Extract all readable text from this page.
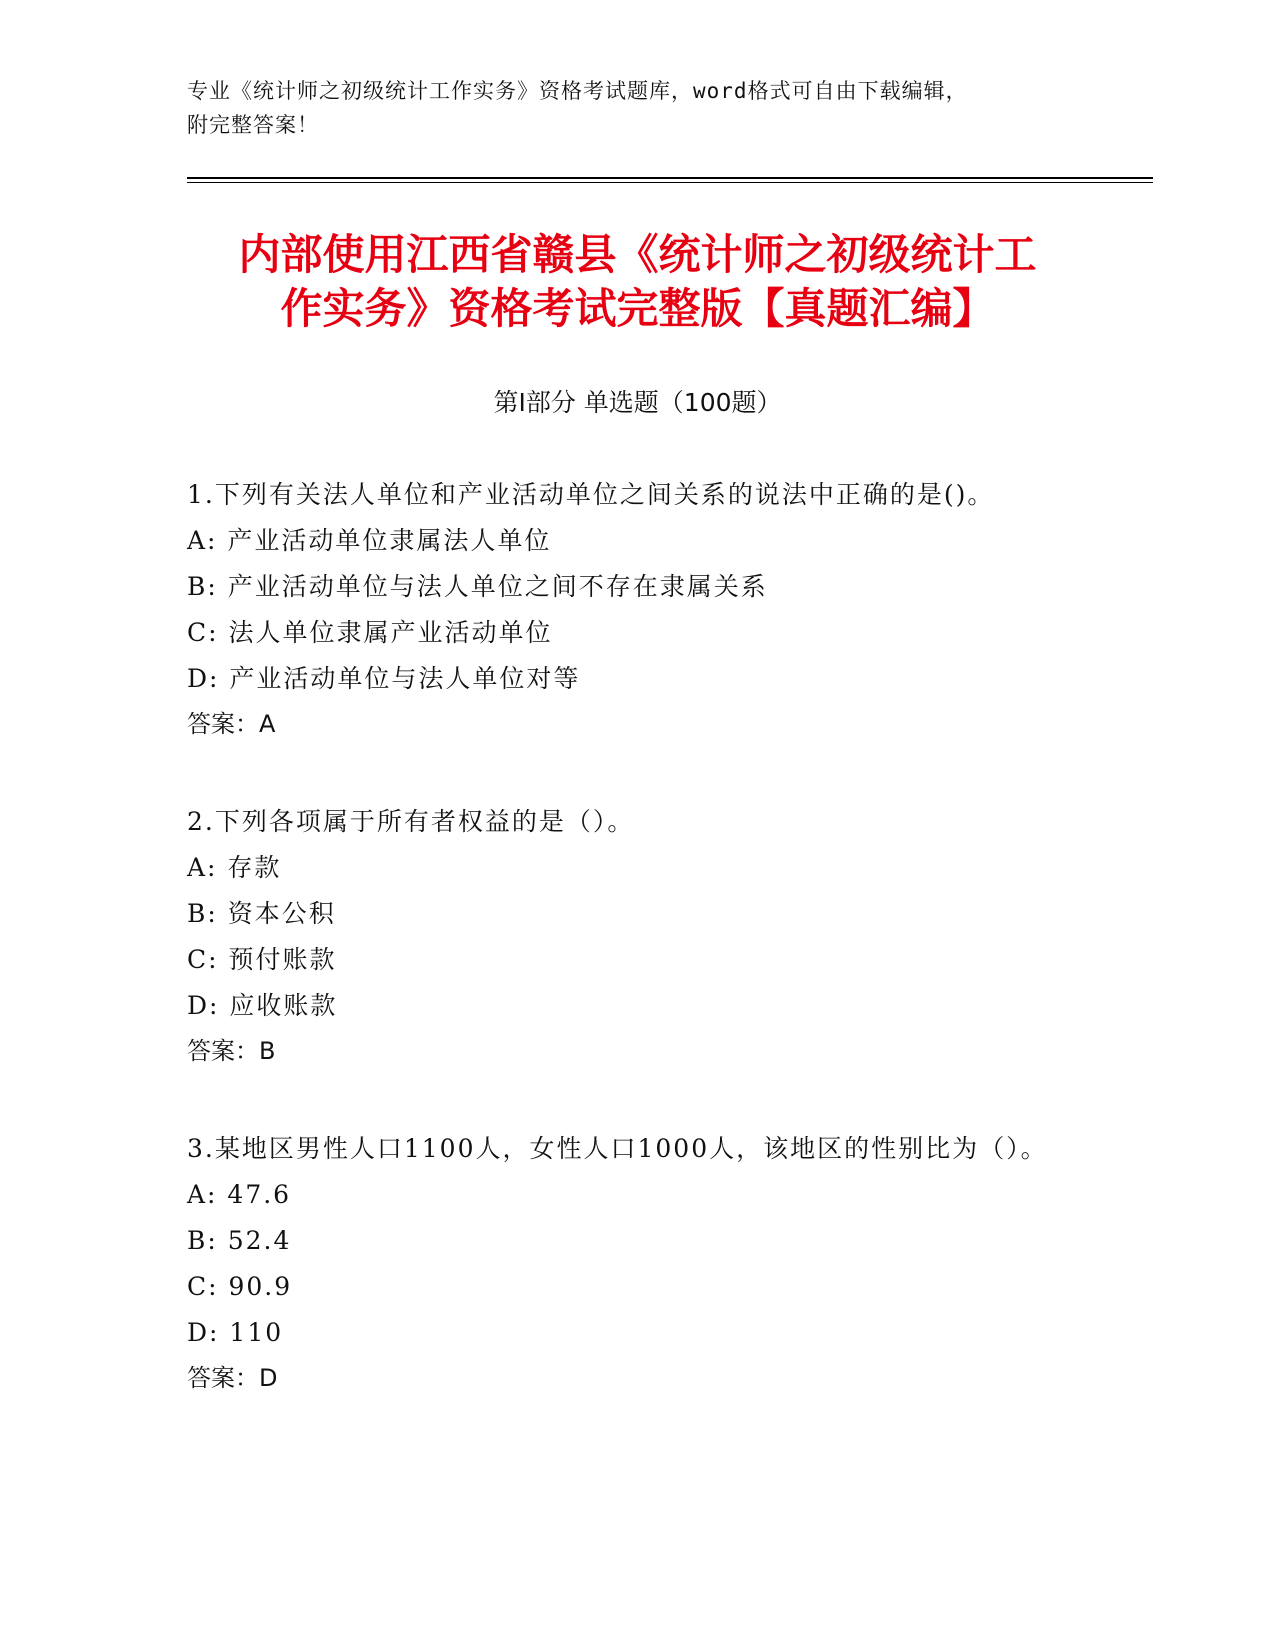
专业《统计师之初级统计工作实务》资格考试题库，word格式可自由下载编辑，
附完整答案！
内部使用江西省赣县《统计师之初级统计工
作实务》资格考试完整版【真题汇编】
第Ⅰ部分 单选题（100题）

1.下列有关法人单位和产业活动单位之间关系的说法中正确的是()。

A: 产业活动单位隶属法人单位

B: 产业活动单位与法人单位之间不存在隶属关系

C: 法人单位隶属产业活动单位

D: 产业活动单位与法人单位对等

答案：A

2.下列各项属于所有者权益的是（）。

A: 存款

B: 资本公积

C: 预付账款

D: 应收账款

答案：B

3.某地区男性人口1100人，女性人口1000人，该地区的性别比为（）。

A: 47.6

B: 52.4

C: 90.9

D: 110

答案：D
